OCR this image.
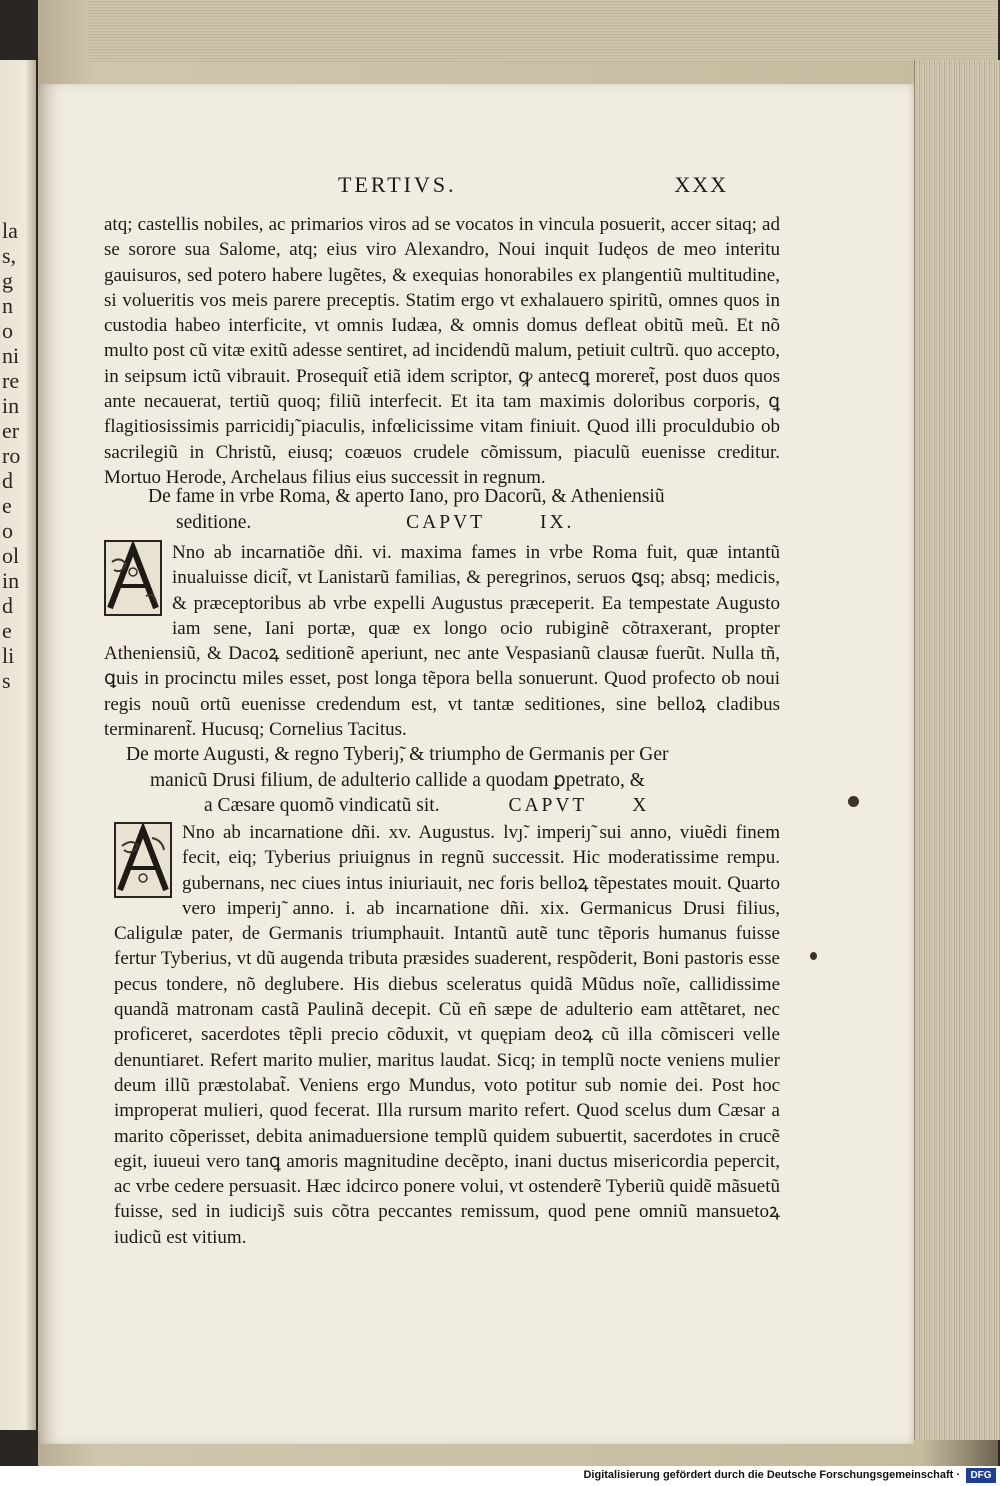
la
s,
g
n
o
ni
re
in
er
ro
d
e
o
ol
in
d
e
li
s
TERTIVS.	XXX

atq; castellis nobiles, ac primarios viros ad se vocatos in vincula posuerit, accer sitaq; ad se sorore sua Salome, atq; eius viro Alexandro, Noui inquit Iudęos de meo interitu gauisuros, sed potero habere lugẽtes, & exequias honorabiles ex plangentiũ multitudine, si volueritis vos meis parere preceptis. Statim ergo vt exhalauero spiritũ, omnes quos in custodia habeo interficite, vt omnis Iudæa, & omnis domus defleat obitũ meũ. Et nõ multo post cũ vitæ exitũ adesse sentiret, ad incidendũ malum, petiuit cultrũ. quo accepto, in seipsum ictũ vibrauit. Prosequit̃ etiã idem scriptor, ꝙ antecꝗ moreret̃, post duos quos ante necauerat, tertiũ quoq; filiũ interfecit. Et ita tam maximis doloribus corporis, ꝗ flagitiosissimis parricidiȷ̃ piaculis, infœlicissime vitam finiuit. Quod illi proculdubio ob sacrilegiũ in Christũ, eiusq; coæuos crudele cõmissum, piaculũ euenisse creditur. Mortuo Herode, Archelaus filius eius successit in regnum.

De fame in vrbe Roma, & aperto Iano, pro Dacorũ, & Atheniensiũ
seditione.	CAPVT	IX.

Nno ab incarnatiõe dñi. vi. maxima fames in vrbe Roma fuit, quæ intantũ inualuisse dicit̃, vt Lanistarũ familias, & peregrinos, seruos ꝗsq; absq; medicis, & præceptoribus ab vrbe expelli Augustus præceperit. Ea tempestate Augusto iam sene, Iani portæ, quæ ex longo ocio rubiginẽ cõtraxerant, propter Atheniensiũ, & Dacoꝝ seditionẽ aperiunt, nec ante Vespasianũ clausæ fuerũt. Nulla tñ, ꝗuis in procinctu miles esset, post longa tẽpora bella sonuerunt. Quod profecto ob noui regis nouũ ortũ euenisse credendum est, vt tantæ seditiones, sine belloꝝ cladibus terminarent̃. Hucusq; Cornelius Tacitus.

De morte Augusti, & regno Tyberiȷ̃, & triumpho de Germanis per Ger
manicũ Drusi filium, de adulterio callide a quodam ꝑpetrato, &
a Cæsare quomõ vindicatũ sit.	CAPVT X

Nno ab incarnatione dñi. xv. Augustus. lvȷ̃. imperiȷ̃ sui anno, viuẽdi finem fecit, eiq; Tyberius priuignus in regnũ successit. Hic moderatissime rempu. gubernans, nec ciues intus iniuriauit, nec foris belloꝝ tẽpestates mouit. Quarto vero imperiȷ̃ anno. i. ab incarnatione dñi. xix. Germanicus Drusi filius, Caligulæ pater, de Germanis triumphauit. Intantũ autẽ tunc tẽporis humanus fuisse fertur Tyberius, vt dũ augenda tributa præsides suaderent, respõderit, Boni pastoris esse pecus tondere, nõ deglubere. His diebus sceleratus quidã Mũdus noĩe, callidissime quandã matronam castã Paulinã decepit. Cũ eñ sæpe de adulterio eam attẽtaret, nec proficeret, sacerdotes tẽpli precio cõduxit, vt quępiam deoꝝ cũ illa cõmisceri velle denuntiaret. Refert marito mulier, maritus laudat. Sicq; in templũ nocte veniens mulier deum illũ præstolabat̃. Veniens ergo Mundus, voto potitur sub nomie dei. Post hoc improperat mulieri, quod fecerat. Illa rursum marito refert. Quod scelus dum Cæsar a marito cõperisset, debita animaduersione templũ quidem subuertit, sacerdotes in crucẽ egit, iuueui vero tanꝗ amoris magnitudine decẽpto, inani ductus misericordia pepercit, ac vrbe cedere persuasit. Hæc idcirco ponere volui, vt ostenderẽ Tyberiũ quidẽ mãsuetũ fuisse, sed in iudiciȷ̃s suis cõtra peccantes remissum, quod pene omniũ mansuetoꝝ iudicũ est vitium.

Digitalisierung gefördert durch die Deutsche Forschungsgemeinschaft ·	DFG
